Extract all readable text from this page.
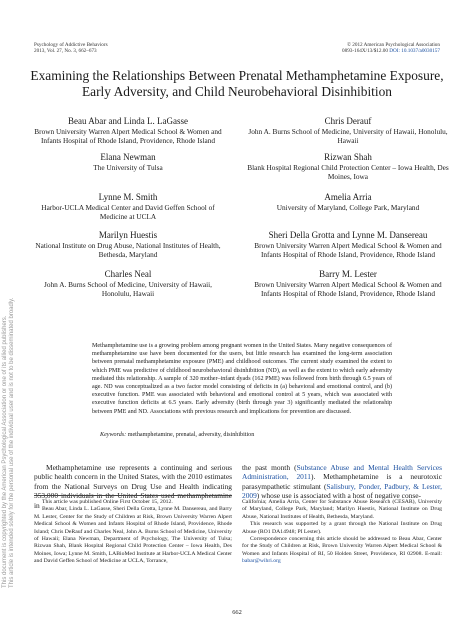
Psychology of Addictive Behaviors
2013, Vol. 27, No. 3, 662–673
© 2012 American Psychological Association
0893-164X/13/$12.00 DOI: 10.1037/a0030157
Examining the Relationships Between Prenatal Methamphetamine Exposure, Early Adversity, and Child Neurobehavioral Disinhibition
Beau Abar and Linda L. LaGasse
Brown University Warren Alpert Medical School & Women and Infants Hospital of Rhode Island, Providence, Rhode Island
Chris Derauf
John A. Burns School of Medicine, University of Hawaii, Honolulu, Hawaii
Elana Newman
The University of Tulsa
Rizwan Shah
Blank Hospital Regional Child Protection Center – Iowa Health, Des Moines, Iowa
Lynne M. Smith
Harbor-UCLA Medical Center and David Geffen School of Medicine at UCLA
Amelia Arria
University of Maryland, College Park, Maryland
Marilyn Huestis
National Institute on Drug Abuse, National Institutes of Health, Bethesda, Maryland
Sheri Della Grotta and Lynne M. Dansereau
Brown University Warren Alpert Medical School & Women and Infants Hospital of Rhode Island, Providence, Rhode Island
Charles Neal
John A. Burns School of Medicine, University of Hawaii, Honolulu, Hawaii
Barry M. Lester
Brown University Warren Alpert Medical School & Women and Infants Hospital of Rhode Island, Providence, Rhode Island
Methamphetamine use is a growing problem among pregnant women in the United States. Many negative consequences of methamphetamine use have been documented for the users, but little research has examined the long-term association between prenatal methamphetamine exposure (PME) and childhood outcomes. The current study examined the extent to which PME was predictive of childhood neurobehavioral disinhibition (ND), as well as the extent to which early adversity mediated this relationship. A sample of 320 mother–infant dyads (162 PME) was followed from birth through 6.5 years of age. ND was conceptualized as a two factor model consisting of deficits in (a) behavioral and emotional control, and (b) executive function. PME was associated with behavioral and emotional control at 5 years, which was associated with executive function deficits at 6.5 years. Early adversity (birth through year 3) significantly mediated the relationship between PME and ND. Associations with previous research and implications for prevention are discussed.
Keywords: methamphetamine, prenatal, adversity, disinhibition
Methamphetamine use represents a continuing and serious public health concern in the United States, with the 2010 estimates from the National Surveys on Drug Use and Health indicating 353,000 individuals in the United States used methamphetamine in
the past month (Substance Abuse and Mental Health Services Administration, 2011). Methamphetamine is a neurotoxic parasympathetic stimulant (Salisbury, Ponder, Padbury, & Lester, 2009) whose use is associated with a host of negative conse-

This article was published Online First October 15, 2012.

Beau Abar, Linda L. LaGasse, Sheri Della Grotta, Lynne M. Dansereau, and Barry M. Lester, Center for the Study of Children at Risk, Brown University Warren Alpert Medical School & Women and Infants Hospital of Rhode Island, Providence, Rhode Island; Chris DeRauf and Charles Neal, John A. Burns School of Medicine, University of Hawaii; Elana Newman, Department of Psychology, The University of Tulsa; Rizwan Shah, Blank Hospital Regional Child Protection Center – Iowa Health, Des Moines, Iowa; Lynne M. Smith, LABioMed Institute at Harbor-UCLA Medical Center and David Geffen School of Medicine at UCLA, Torrance,

California; Amelia Arria, Center for Substance Abuse Research (CESAR), University of Maryland, College Park, Maryland; Marilyn Huestis, National Institute on Drug Abuse, National Institutes of Health, Bethesda, Maryland.

This research was supported by a grant through the National Institute on Drug Abuse (RO1 DA14948; PI Lester).

Correspondence concerning this article should be addressed to Beau Abar, Center for the Study of Children at Risk, Brown University Warren Alpert Medical School & Women and Infants Hospital of RI, 50 Holden Street, Providence, RI 02908. E-mail: babar@wihri.org

662
This document is copyrighted by the American Psychological Association or one of its allied publishers. This article is intended solely for the personal use of the individual user and is not to be disseminated broadly.
